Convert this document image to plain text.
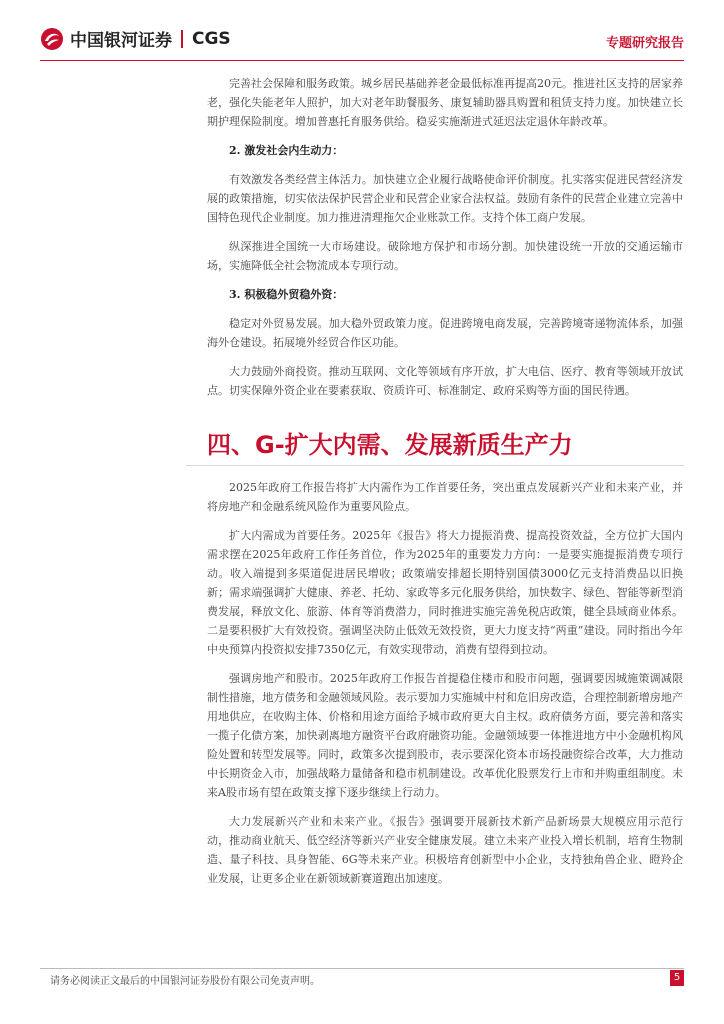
中国银河证券 CGS	专题研究报告

完善社会保障和服务政策。城乡居民基础养老金最低标准再提高20元。推进社区支持的居家养老，强化失能老年人照护，加大对老年助餐服务、康复辅助器具购置和租赁支持力度。加快建立长期护理保险制度。增加普惠托育服务供给。稳妥实施渐进式延迟法定退休年龄改革。

2. 激发社会内生动力：

有效激发各类经营主体活力。加快建立企业履行战略使命评价制度。扎实落实促进民营经济发展的政策措施，切实依法保护民营企业和民营企业家合法权益。鼓励有条件的民营企业建立完善中国特色现代企业制度。加力推进清理拖欠企业账款工作。支持个体工商户发展。

纵深推进全国统一大市场建设。破除地方保护和市场分割。加快建设统一开放的交通运输市场，实施降低全社会物流成本专项行动。

3. 积极稳外贸稳外资：

稳定对外贸易发展。加大稳外贸政策力度。促进跨境电商发展，完善跨境寄递物流体系，加强海外仓建设。拓展境外经贸合作区功能。

大力鼓励外商投资。推动互联网、文化等领域有序开放，扩大电信、医疗、教育等领域开放试点。切实保障外资企业在要素获取、资质许可、标准制定、政府采购等方面的国民待遇。

四、G-扩大内需、发展新质生产力

2025年政府工作报告将扩大内需作为工作首要任务，突出重点发展新兴产业和未来产业，并将房地产和金融系统风险作为重要风险点。

扩大内需成为首要任务。2025年《报告》将大力提振消费、提高投资效益，全方位扩大国内需求摆在2025年政府工作任务首位，作为2025年的重要发力方向：一是要实施提振消费专项行动。收入端提到多渠道促进居民增收；政策端安排超长期特别国债3000亿元支持消费品以旧换新；需求端强调扩大健康、养老、托幼、家政等多元化服务供给，加快数字、绿色、智能等新型消费发展，释放文化、旅游、体育等消费潜力，同时推进实施完善免税店政策，健全县域商业体系。二是要积极扩大有效投资。强调坚决防止低效无效投资，更大力度支持“两重”建设。同时指出今年中央预算内投资拟安排7350亿元，有效实现带动，消费有望得到拉动。

强调房地产和股市。2025年政府工作报告首提稳住楼市和股市问题，强调要因城施策调减限制性措施，地方债务和金融领域风险。表示要加力实施城中村和危旧房改造，合理控制新增房地产用地供应，在收购主体、价格和用途方面给予城市政府更大自主权。政府债务方面，要完善和落实一揽子化债方案，加快剥离地方融资平台政府融资功能。金融领域要一体推进地方中小金融机构风险处置和转型发展等。同时，政策多次提到股市，表示要深化资本市场投融资综合改革，大力推动中长期资金入市，加强战略力量储备和稳市机制建设。改革优化股票发行上市和并购重组制度。未来A股市场有望在政策支撑下逐步继续上行动力。

大力发展新兴产业和未来产业。《报告》强调要开展新技术新产品新场景大规模应用示范行动，推动商业航天、低空经济等新兴产业安全健康发展。建立未来产业投入增长机制，培育生物制造、量子科技、具身智能、6G等未来产业。积极培育创新型中小企业，支持独角兽企业、瞪羚企业发展，让更多企业在新领域新赛道跑出加速度。

请务必阅读正文最后的中国银河证券股份有限公司免责声明。	5
